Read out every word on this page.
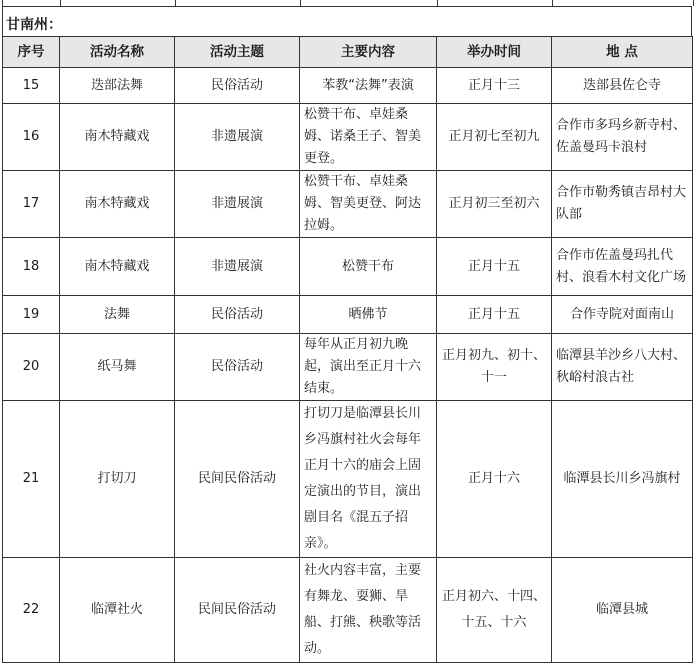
甘南州：
序号	活动名称	活动主题	主要内容	举办时间	地 点
15	迭部法舞	民俗活动	苯教“法舞”表演	正月十三	迭部县佐仑寺
16	南木特藏戏	非遗展演	松赞干布、卓娃桑姆、诺桑王子、智美更登。	正月初七至初九	合作市多玛乡新寺村、佐盖曼玛卡浪村
17	南木特藏戏	非遗展演	松赞干布、卓娃桑姆、智美更登、阿达拉姆。	正月初三至初六	合作市勒秀镇吉昂村大队部
18	南木特藏戏	非遗展演	松赞干布	正月十五	合作市佐盖曼玛扎代村、浪看木村文化广场
19	法舞	民俗活动	晒佛节	正月十五	合作寺院对面南山
20	纸马舞	民俗活动	每年从正月初九晚起，演出至正月十六结束。	正月初九、初十、十一	临潭县羊沙乡八大村、秋峪村浪古社
21	打切刀	民间民俗活动	打切刀是临潭县长川乡冯旗村社火会每年正月十六的庙会上固定演出的节目，演出剧目名《混五子招亲》。	正月十六	临潭县长川乡冯旗村
22	临潭社火	民间民俗活动	社火内容丰富，主要有舞龙、耍狮、旱船、打熊、秧歌等活动。	正月初六、十四、十五、十六	临潭县城
